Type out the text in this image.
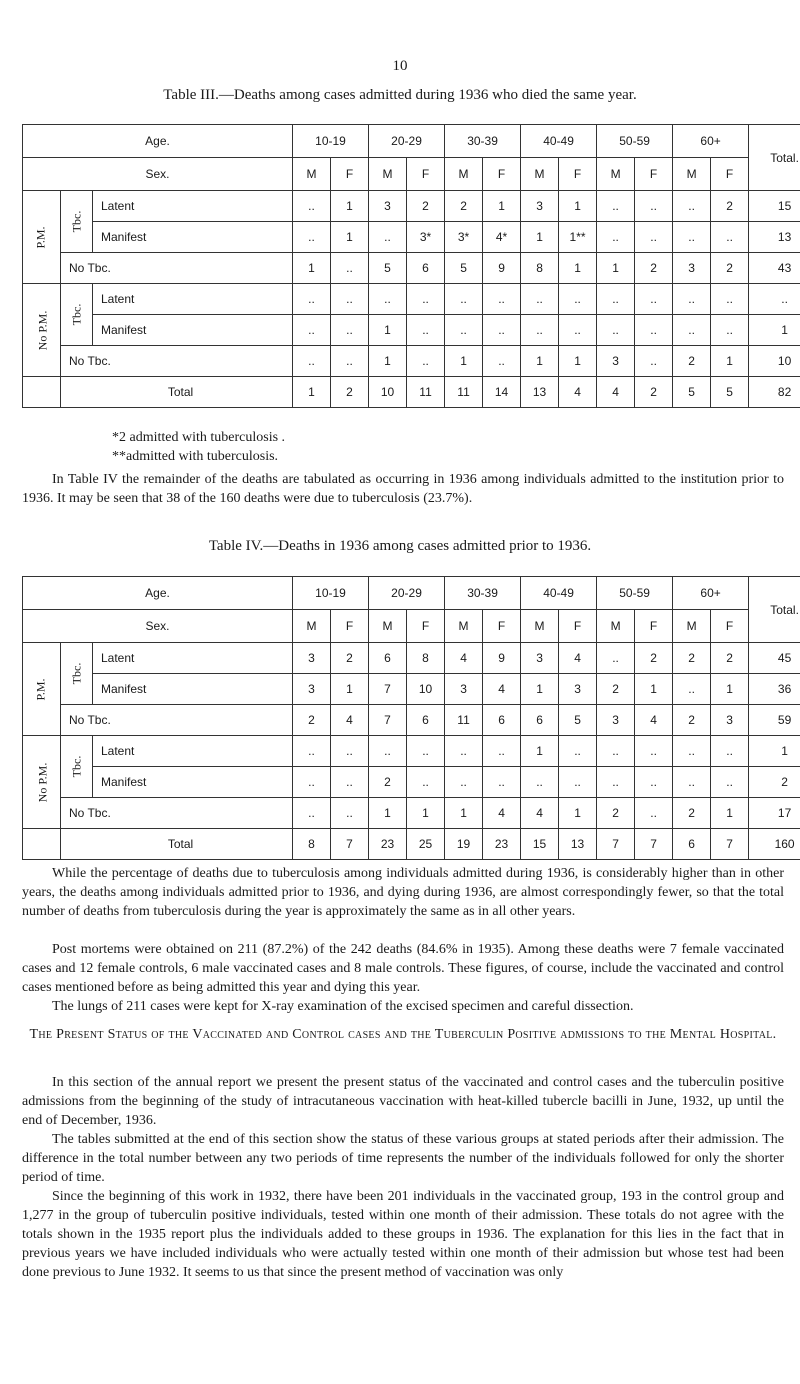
10
Table III.—Deaths among cases admitted during 1936 who died the same year.
Age.			10-19		20-29		30-39		40-49		50-59		60+		Total.
Sex.			M	F	M	F	M	F	M	F	M	F	M	F	
P.M.	Tbc.	Latent	..	1	3	2	2	1	3	1	..	..	..	2	15
		Manifest	..	1	..	3*	3*	4*	1	1**	..	..	..	..	13
	No Tbc.		1	..	5	6	5	9	8	1	1	2	3	2	43
No P.M.	Tbc.	Latent	..	..	..	..	..	..	..	..	..	..	..	..	..
		Manifest	..	..	1	..	..	..	..	..	..	..	..	..	1
	No Tbc.		..	..	1	..	1	..	1	1	3	..	2	1	10
	Total		1	2	10	11	11	14	13	4	4	2	5	5	82
*2 admitted with tuberculosis .
**admitted with tuberculosis.

In Table IV the remainder of the deaths are tabulated as occurring in 1936 among individuals admitted to the institution prior to 1936. It may be seen that 38 of the 160 deaths were due to tuberculosis (23.7%).

Table IV.—Deaths in 1936 among cases admitted prior to 1936.
Age.			10-19		20-29		30-39		40-49		50-59		60+		Total.
Sex.			M	F	M	F	M	F	M	F	M	F	M	F	
P.M.	Tbc.	Latent	3	2	6	8	4	9	3	4	..	2	2	2	45
		Manifest	3	1	7	10	3	4	1	3	2	1	..	1	36
	No Tbc.		2	4	7	6	11	6	6	5	3	4	2	3	59
No P.M.	Tbc.	Latent	..	..	..	..	..	..	1	..	..	..	..	..	1
		Manifest	..	..	2	..	..	..	..	..	..	..	..	..	2
	No Tbc.		..	..	1	1	1	4	4	1	2	..	2	1	17
	Total		8	7	23	25	19	23	15	13	7	7	6	7	160

While the percentage of deaths due to tuberculosis among individuals admitted during 1936, is considerably higher than in other years, the deaths among individuals admitted prior to 1936, and dying during 1936, are almost correspondingly fewer, so that the total number of deaths from tuberculosis during the year is approximately the same as in all other years.

Post mortems were obtained on 211 (87.2%) of the 242 deaths (84.6% in 1935). Among these deaths were 7 female vaccinated cases and 12 female controls, 6 male vaccinated cases and 8 male controls. These figures, of course, include the vaccinated and control cases mentioned before as being admitted this year and dying this year.

The lungs of 211 cases were kept for X-ray examination of the excised specimen and careful dissection.

The Present Status of the Vaccinated and Control cases and the Tuberculin Positive admissions to the Mental Hospital.

In this section of the annual report we present the present status of the vaccinated and control cases and the tuberculin positive admissions from the beginning of the study of intracutaneous vaccination with heat-killed tubercle bacilli in June, 1932, up until the end of December, 1936.

The tables submitted at the end of this section show the status of these various groups at stated periods after their admission. The difference in the total number between any two periods of time represents the number of the individuals followed for only the shorter period of time.

Since the beginning of this work in 1932, there have been 201 individuals in the vaccinated group, 193 in the control group and 1,277 in the group of tuberculin positive individuals, tested within one month of their admission. These totals do not agree with the totals shown in the 1935 report plus the individuals added to these groups in 1936. The explanation for this lies in the fact that in previous years we have included individuals who were actually tested within one month of their admission but whose test had been done previous to June 1932. It seems to us that since the present method of vaccination was only
